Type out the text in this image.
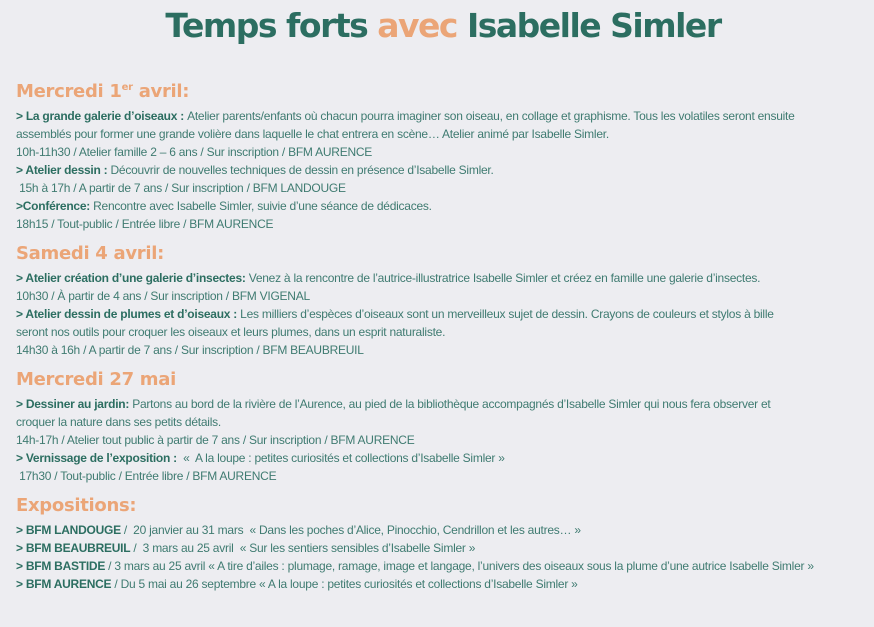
Temps forts avec Isabelle Simler
Mercredi 1er avril:
> La grande galerie d’oiseaux : Atelier parents/enfants où chacun pourra imaginer son oiseau, en collage et graphisme. Tous les volatiles seront ensuite
assemblés pour former une grande volière dans laquelle le chat entrera en scène… Atelier animé par Isabelle Simler.
10h-11h30 / Atelier famille 2 – 6 ans / Sur inscription / BFM AURENCE
> Atelier dessin : Découvrir de nouvelles techniques de dessin en présence d’Isabelle Simler.
15h à 17h / A partir de 7 ans / Sur inscription / BFM LANDOUGE
>Conférence: Rencontre avec Isabelle Simler, suivie d’une séance de dédicaces.
18h15 / Tout-public / Entrée libre / BFM AURENCE
Samedi 4 avril:
> Atelier création d’une galerie d’insectes: Venez à la rencontre de l’autrice-illustratrice Isabelle Simler et créez en famille une galerie d’insectes.
10h30 / À partir de 4 ans / Sur inscription / BFM VIGENAL
> Atelier dessin de plumes et d’oiseaux : Les milliers d’espèces d’oiseaux sont un merveilleux sujet de dessin. Crayons de couleurs et stylos à bille
seront nos outils pour croquer les oiseaux et leurs plumes, dans un esprit naturaliste.
14h30 à 16h / A partir de 7 ans / Sur inscription / BFM BEAUBREUIL
Mercredi 27 mai
> Dessiner au jardin: Partons au bord de la rivière de l’Aurence, au pied de la bibliothèque accompagnés d’Isabelle Simler qui nous fera observer et
croquer la nature dans ses petits détails.
14h-17h / Atelier tout public à partir de 7 ans / Sur inscription / BFM AURENCE
> Vernissage de l’exposition :  «  A la loupe : petites curiosités et collections d’Isabelle Simler »
17h30 / Tout-public / Entrée libre / BFM AURENCE
Expositions:
> BFM LANDOUGE /  20 janvier au 31 mars  « Dans les poches d’Alice, Pinocchio, Cendrillon et les autres… »
> BFM BEAUBREUIL /  3 mars au 25 avril  « Sur les sentiers sensibles d’Isabelle Simler »
> BFM BASTIDE / 3 mars au 25 avril « A tire d’ailes : plumage, ramage, image et langage, l’univers des oiseaux sous la plume d’une autrice Isabelle Simler »
> BFM AURENCE / Du 5 mai au 26 septembre « A la loupe : petites curiosités et collections d’Isabelle Simler »
